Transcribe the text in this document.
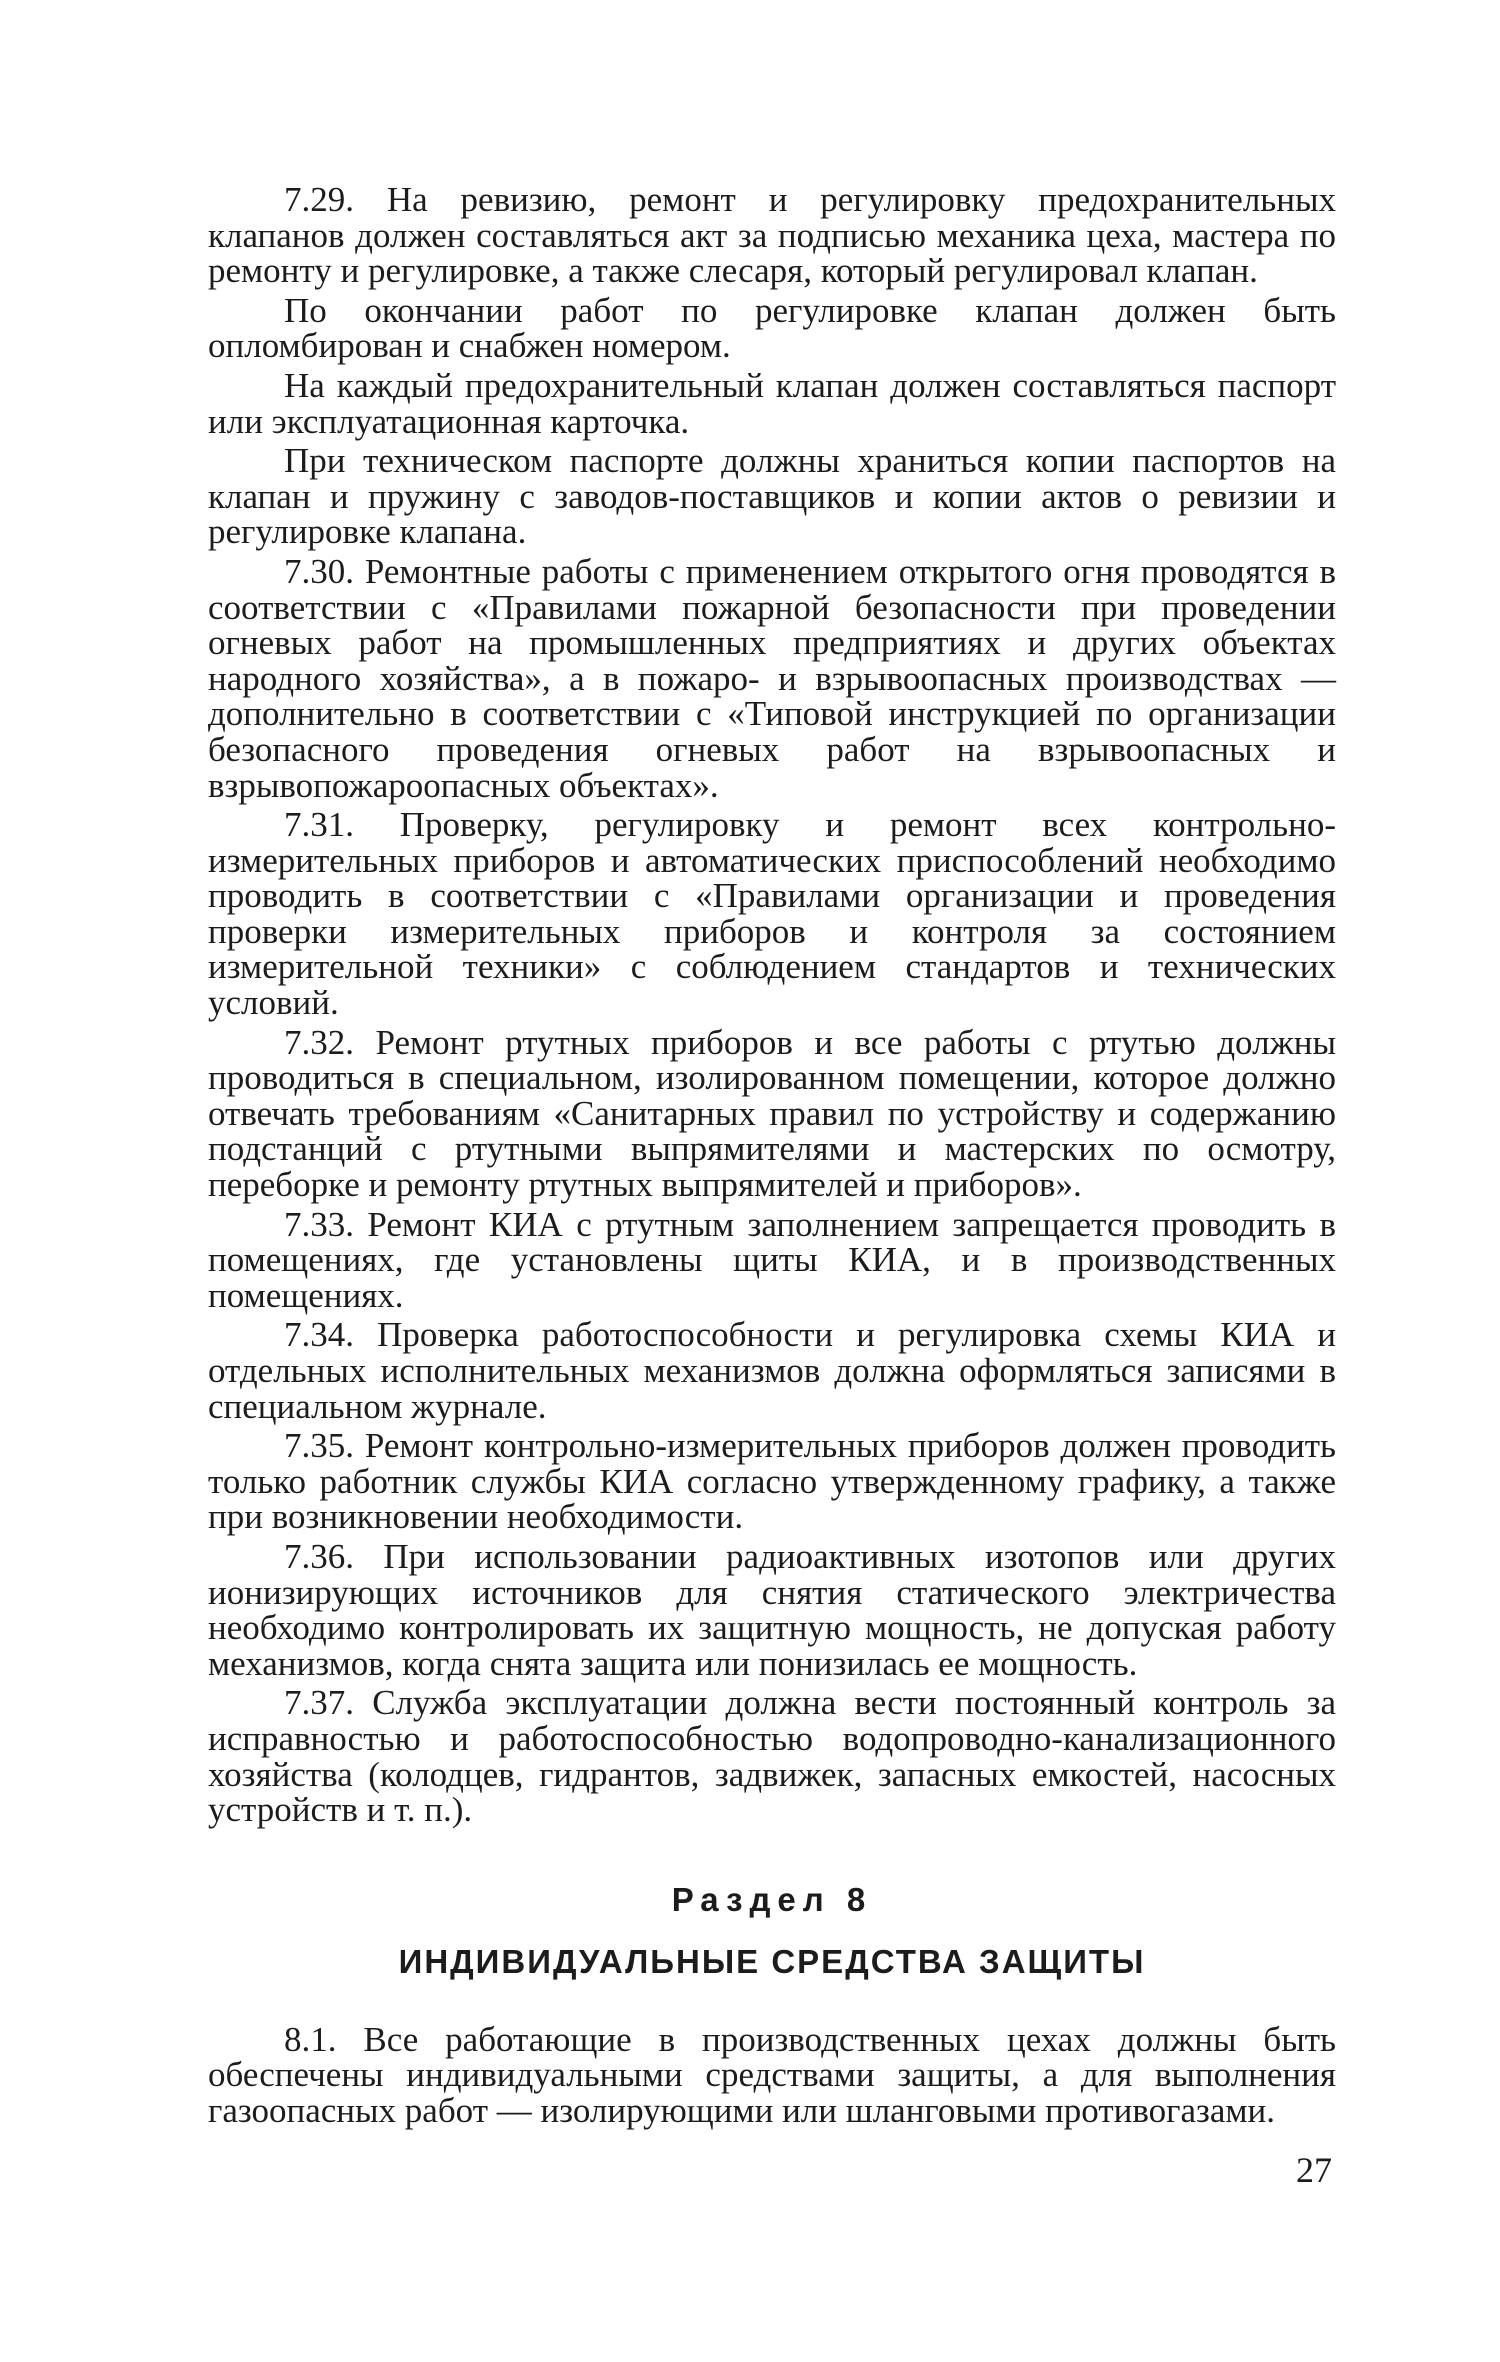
7.29. На ревизию, ремонт и регулировку предохранительных клапанов должен составляться акт за подписью механика цеха, мастера по ремонту и регулировке, а также слесаря, который регулировал клапан.

По окончании работ по регулировке клапан должен быть опломбирован и снабжен номером.

На каждый предохранительный клапан должен составляться паспорт или эксплуатационная карточка.

При техническом паспорте должны храниться копии паспортов на клапан и пружину с заводов-поставщиков и копии актов о ревизии и регулировке клапана.

7.30. Ремонтные работы с применением открытого огня проводятся в соответствии с «Правилами пожарной безопасности при проведении огневых работ на промышленных предприятиях и других объектах народного хозяйства», а в пожаро- и взрывоопасных производствах — дополнительно в соответствии с «Типовой инструкцией по организации безопасного проведения огневых работ на взрывоопасных и взрывопожароопасных объектах».

7.31. Проверку, регулировку и ремонт всех контрольно-измерительных приборов и автоматических приспособлений необходимо проводить в соответствии с «Правилами организации и проведения проверки измерительных приборов и контроля за состоянием измерительной техники» с соблюдением стандартов и технических условий.

7.32. Ремонт ртутных приборов и все работы с ртутью должны проводиться в специальном, изолированном помещении, которое должно отвечать требованиям «Санитарных правил по устройству и содержанию подстанций с ртутными выпрямителями и мастерских по осмотру, переборке и ремонту ртутных выпрямителей и приборов».

7.33. Ремонт КИА с ртутным заполнением запрещается проводить в помещениях, где установлены щиты КИА, и в производственных помещениях.

7.34. Проверка работоспособности и регулировка схемы КИА и отдельных исполнительных механизмов должна оформляться записями в специальном журнале.

7.35. Ремонт контрольно-измерительных приборов должен проводить только работник службы КИА согласно утвержденному графику, а также при возникновении необходимости.

7.36. При использовании радиоактивных изотопов или других ионизирующих источников для снятия статического электричества необходимо контролировать их защитную мощность, не допуская работу механизмов, когда снята защита или понизилась ее мощность.

7.37. Служба эксплуатации должна вести постоянный контроль за исправностью и работоспособностью водопроводно-канализационного хозяйства (колодцев, гидрантов, задвижек, запасных емкостей, насосных устройств и т. п.).

Раздел 8
ИНДИВИДУАЛЬНЫЕ СРЕДСТВА ЗАЩИТЫ

8.1. Все работающие в производственных цехах должны быть обеспечены индивидуальными средствами защиты, а для выполнения газоопасных работ — изолирующими или шланговыми противогазами.

27
